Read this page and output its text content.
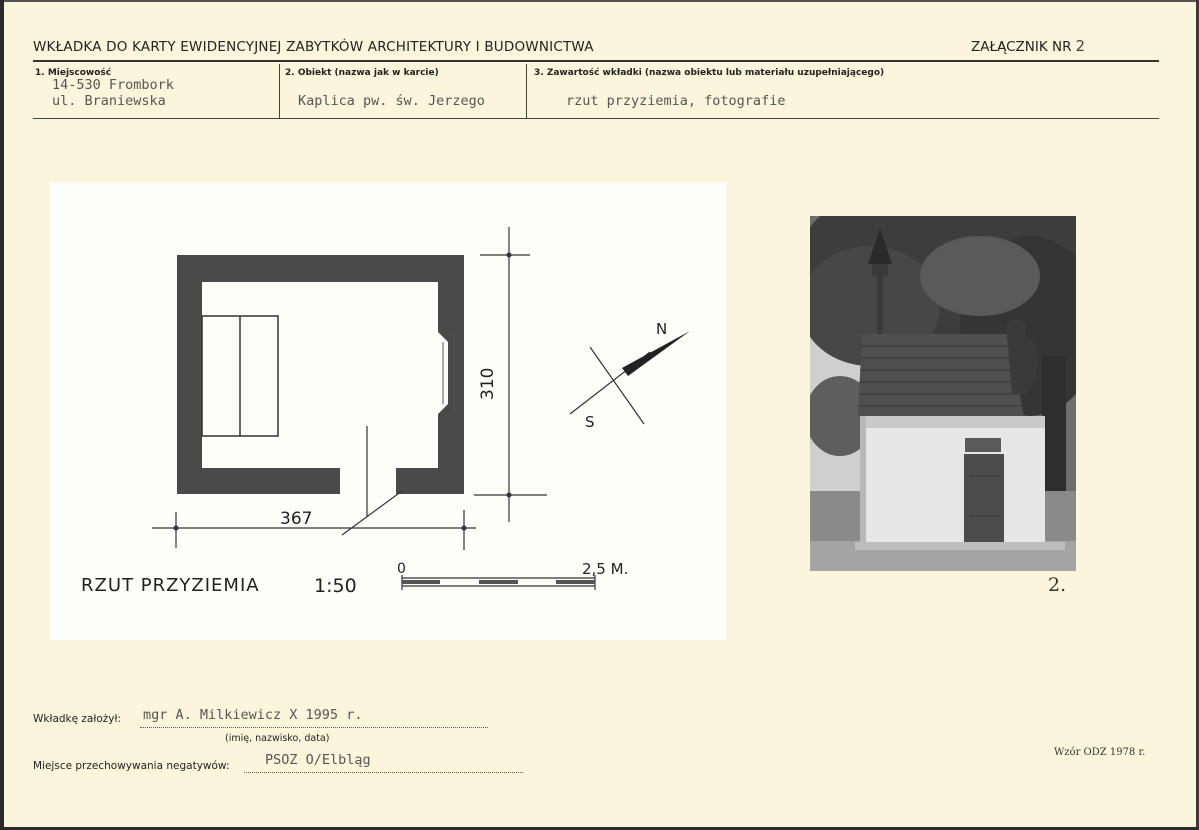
WKŁADKA DO KARTY EWIDENCYJNEJ ZABYTKÓW ARCHITEKTURY I BUDOWNICTWA	ZAŁĄCZNIK NR 2
1. Miejscowość	2. Obiekt (nazwa jak w karcie)	3. Zawartość wkładki (nazwa obiektu lub materiału uzupełniającego)
14-530 Frombork
ul. Braniewska	Kaplica pw. św. Jerzego	rzut przyziemia, fotografie
310
367
N
S
RZUT PRZYZIEMIA	1:50
0	2,5 M.
2.
Wkładkę założył: mgr A. Milkiewicz X 1995 r.
(imię, nazwisko, data)
Miejsce przechowywania negatywów:	PSOZ O/Elbląg	Wzór ODZ 1978 r.
